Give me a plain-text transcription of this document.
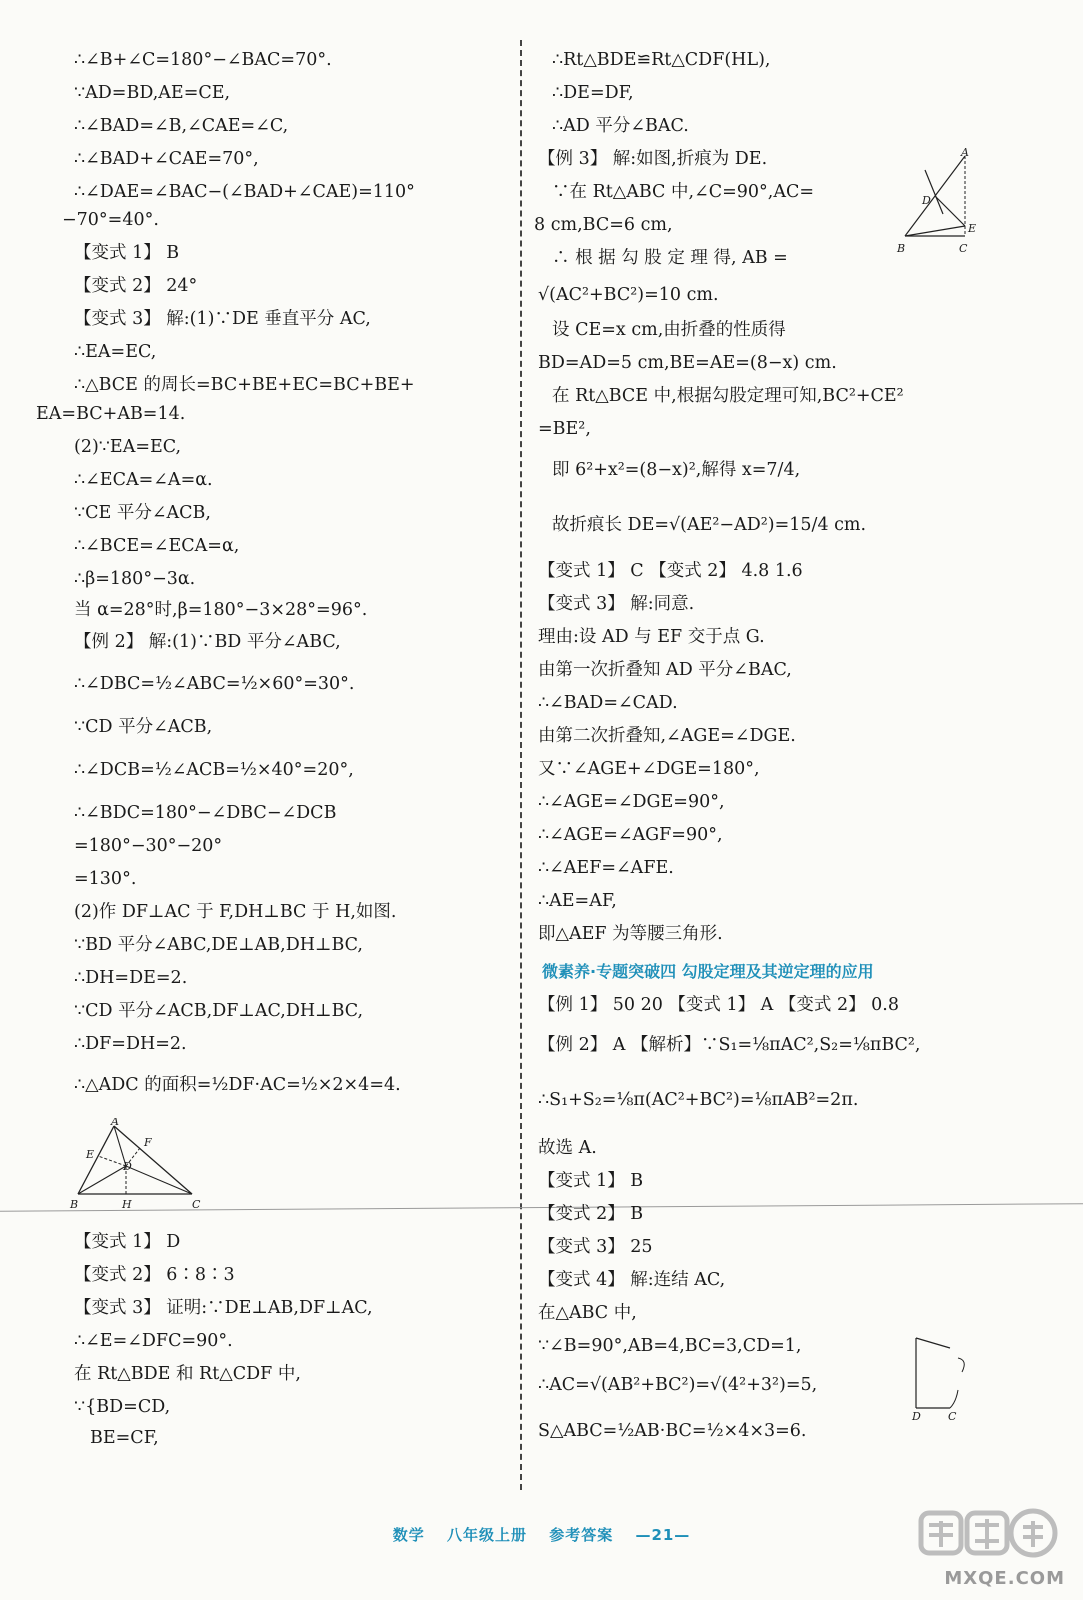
∴∠B+∠C=180°−∠BAC=70°.
∵AD=BD,AE=CE,
∴∠BAD=∠B,∠CAE=∠C,
∴∠BAD+∠CAE=70°,
∴∠DAE=∠BAC−(∠BAD+∠CAE)=110°
−70°=40°.
【变式 1】 B
【变式 2】 24°
【变式 3】 解:(1)∵DE 垂直平分 AC,
∴EA=EC,
∴△BCE 的周长=BC+BE+EC=BC+BE+
EA=BC+AB=14.
(2)∵EA=EC,
∴∠ECA=∠A=α.
∵CE 平分∠ACB,
∴∠BCE=∠ECA=α,
∴β=180°−3α.
当 α=28°时,β=180°−3×28°=96°.
【例 2】 解:(1)∵BD 平分∠ABC,
∴∠DBC=½∠ABC=½×60°=30°.
∵CD 平分∠ACB,
∴∠DCB=½∠ACB=½×40°=20°,
∴∠BDC=180°−∠DBC−∠DCB
=180°−30°−20°
=130°.
(2)作 DF⊥AC 于 F,DH⊥BC 于 H,如图.
∵BD 平分∠ABC,DE⊥AB,DH⊥BC,
∴DH=DE=2.
∵CD 平分∠ACB,DF⊥AC,DH⊥BC,
∴DF=DH=2.
∴△ADC 的面积=½DF·AC=½×2×4=4.
【变式 1】 D
【变式 2】 6∶8∶3
【变式 3】 证明:∵DE⊥AB,DF⊥AC,
∴∠E=∠DFC=90°.
在 Rt△BDE 和 Rt△CDF 中,
∵{BD=CD,
BE=CF,
A
E
F
D
B	H	C
∴Rt△BDE≌Rt△CDF(HL),
∴DE=DF,
∴AD 平分∠BAC.
【例 3】 解:如图,折痕为 DE.
∵在 Rt△ABC 中,∠C=90°,AC=
8 cm,BC=6 cm,
∴ 根 据 勾 股 定 理 得, AB =
√(AC²+BC²)=10 cm.
设 CE=x cm,由折叠的性质得
BD=AD=5 cm,BE=AE=(8−x) cm.
在 Rt△BCE 中,根据勾股定理可知,BC²+CE²
=BE²,
即 6²+x²=(8−x)²,解得 x=7/4,
故折痕长 DE=√(AE²−AD²)=15/4 cm.
【变式 1】 C 【变式 2】 4.8 1.6
【变式 3】 解:同意.
理由:设 AD 与 EF 交于点 G.
由第一次折叠知 AD 平分∠BAC,
∴∠BAD=∠CAD.
由第二次折叠知,∠AGE=∠DGE.
又∵∠AGE+∠DGE=180°,
∴∠AGE=∠DGE=90°,
∴∠AGE=∠AGF=90°,
∴∠AEF=∠AFE.
∴AE=AF,
即△AEF 为等腰三角形.
微素养·专题突破四 勾股定理及其逆定理的应用
【例 1】 50 20 【变式 1】 A 【变式 2】 0.8
【例 2】 A 【解析】∵S₁=⅛πAC²,S₂=⅛πBC²,
∴S₁+S₂=⅛π(AC²+BC²)=⅛πAB²=2π.
故选 A.
【变式 1】 B
【变式 2】 B
【变式 3】 25
【变式 4】 解:连结 AC,
在△ABC 中,
∵∠B=90°,AB=4,BC=3,CD=1,
∴AC=√(AB²+BC²)=√(4²+3²)=5,
S△ABC=½AB·BC=½×4×3=6.
A
D
E
B	C
D C
数学 八年级上册 参考答案 —21—
MXQE.COM
